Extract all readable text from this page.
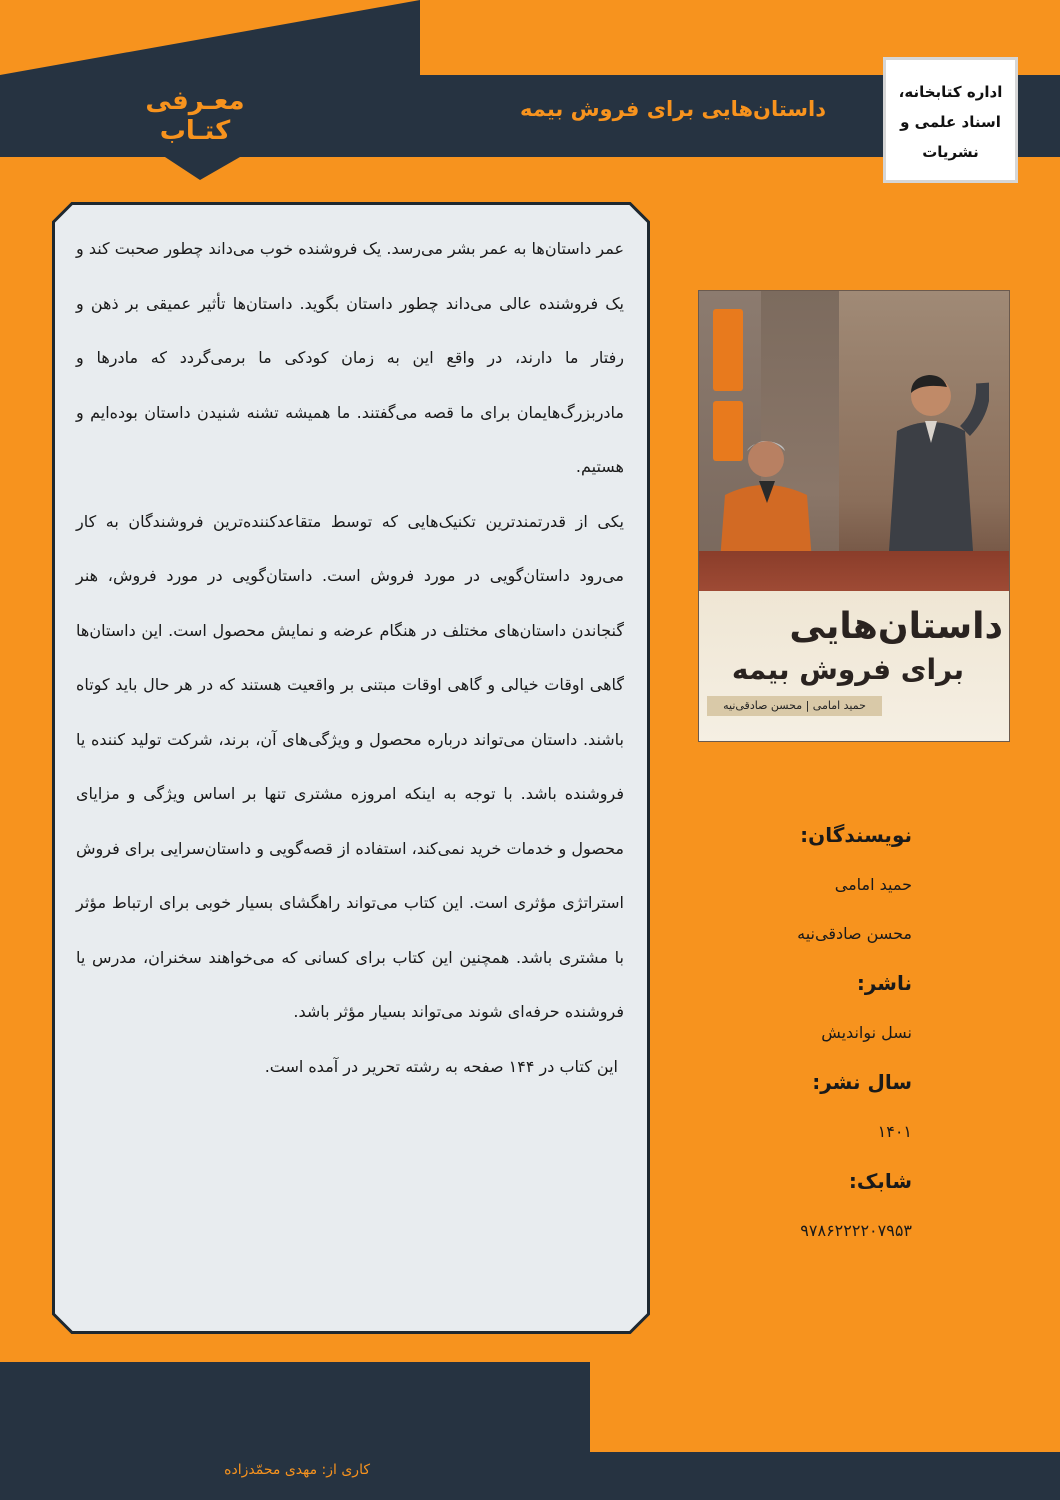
معـرفی کتـاب
داستان‌هایی برای فروش بیمه
اداره کتابخانه،
اسناد علمی و
نشریات

عمر داستان‌ها به عمر بشر می‌رسد. یک فروشنده خوب می‌داند چطور صحبت کند و یک فروشنده عالی می‌داند چطور داستان بگوید. داستان‌ها تأثیر عمیقی بر ذهن و رفتار ما دارند، در واقع این به زمان کودکی ما برمی‌گردد که مادرها و مادربزرگ‌هایمان برای ما قصه می‌گفتند. ما همیشه تشنه شنیدن داستان بوده‌ایم و هستیم.

یکی از قدرتمندترین تکنیک‌هایی که توسط متقاعدکننده‌ترین فروشندگان به کار می‌رود داستان‌گویی در مورد فروش است. داستان‌گویی در مورد فروش، هنر گنجاندن داستان‌های مختلف در هنگام عرضه و نمایش محصول است. این داستان‌ها گاهی اوقات خیالی و گاهی اوقات مبتنی بر واقعیت هستند که در هر حال باید کوتاه باشند. داستان می‌تواند درباره محصول و ویژگی‌های آن، برند، شرکت تولید کننده یا فروشنده باشد. با توجه به اینکه امروزه مشتری تنها بر اساس ویژگی و مزایای محصول و خدمات خرید نمی‌کند، استفاده از قصه‌گویی و داستان‌سرایی برای فروش استراتژی مؤثری است. این کتاب می‌تواند راهگشای بسیار خوبی برای ارتباط مؤثر با مشتری باشد. همچنین این کتاب برای کسانی که می‌خواهند سخنران، مدرس یا فروشنده حرفه‌ای شوند می‌تواند بسیار مؤثر باشد.

این کتاب در ۱۴۴ صفحه به رشته تحریر در آمده است.

داستان‌هایی
برای فروش بیمه
حمید امامی | محسن صادقی‌نیه
نویسندگان:
حمید امامی
محسن صادقی‌نیه
ناشر:
نسل نواندیش
سال نشر:
۱۴۰۱
شابک:
۹۷۸۶۲۲۲۲۰۷۹۵۳
کاری از: مهدی محمّدزاده
